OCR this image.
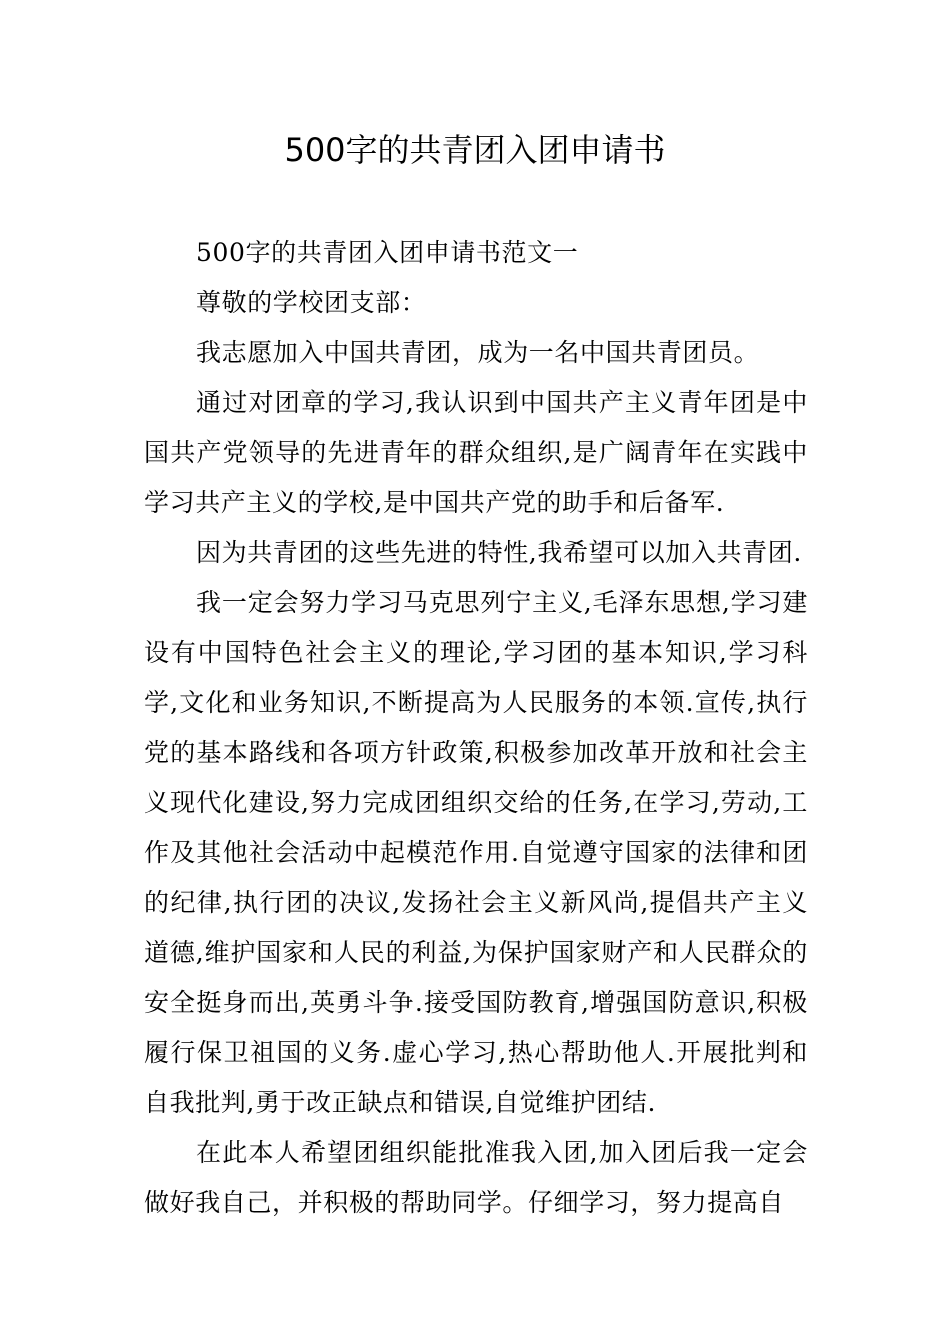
500字的共青团入团申请书

500字的共青团入团申请书范文一

尊敬的学校团支部：

我志愿加入中国共青团，成为一名中国共青团员。

通过对团章的学习,我认识到中国共产主义青年团是中国共产党领导的先进青年的群众组织,是广阔青年在实践中学习共产主义的学校,是中国共产党的助手和后备军.

因为共青团的这些先进的特性,我希望可以加入共青团.

我一定会努力学习马克思列宁主义,毛泽东思想,学习建设有中国特色社会主义的理论,学习团的基本知识,学习科学,文化和业务知识,不断提高为人民服务的本领.宣传,执行党的基本路线和各项方针政策,积极参加改革开放和社会主义现代化建设,努力完成团组织交给的任务,在学习,劳动,工作及其他社会活动中起模范作用.自觉遵守国家的法律和团的纪律,执行团的决议,发扬社会主义新风尚,提倡共产主义道德,维护国家和人民的利益,为保护国家财产和人民群众的安全挺身而出,英勇斗争.接受国防教育,增强国防意识,积极履行保卫祖国的义务.虚心学习,热心帮助他人.开展批判和自我批判,勇于改正缺点和错误,自觉维护团结.

在此本人希望团组织能批准我入团,加入团后我一定会做好我自己，并积极的帮助同学。仔细学习，努力提高自
